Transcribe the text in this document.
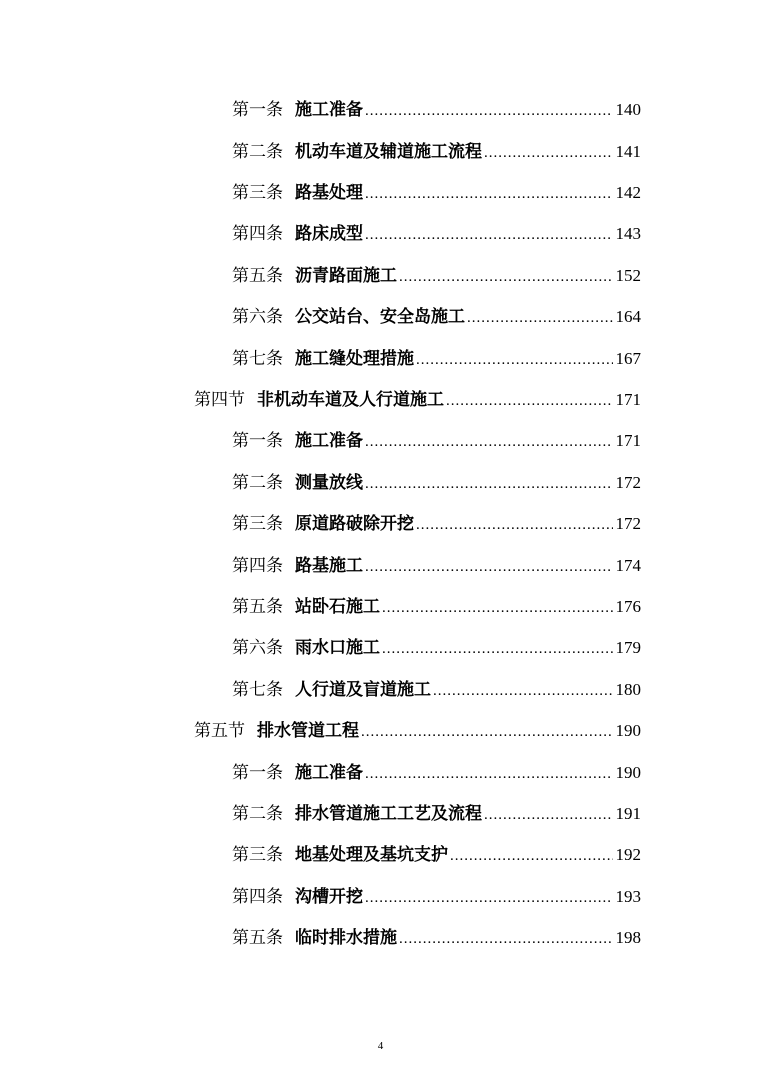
第一条 施工准备 .....	140
第二条 机动车道及辅道施工流程 .....	141
第三条 路基处理 .....	142
第四条 路床成型 .....	143
第五条 沥青路面施工 .....	152
第六条 公交站台、安全岛施工 .....	164
第七条 施工缝处理措施 .....	167
第四节 非机动车道及人行道施工 .....	171
第一条 施工准备 .....	171
第二条 测量放线 .....	172
第三条 原道路破除开挖 .....	172
第四条 路基施工 .....	174
第五条 站卧石施工 .....	176
第六条 雨水口施工 .....	179
第七条 人行道及盲道施工 .....	180
第五节 排水管道工程 .....	190
第一条 施工准备 .....	190
第二条 排水管道施工工艺及流程 .....	191
第三条 地基处理及基坑支护 .....	192
第四条 沟槽开挖 .....	193
第五条 临时排水措施 .....	198
4
